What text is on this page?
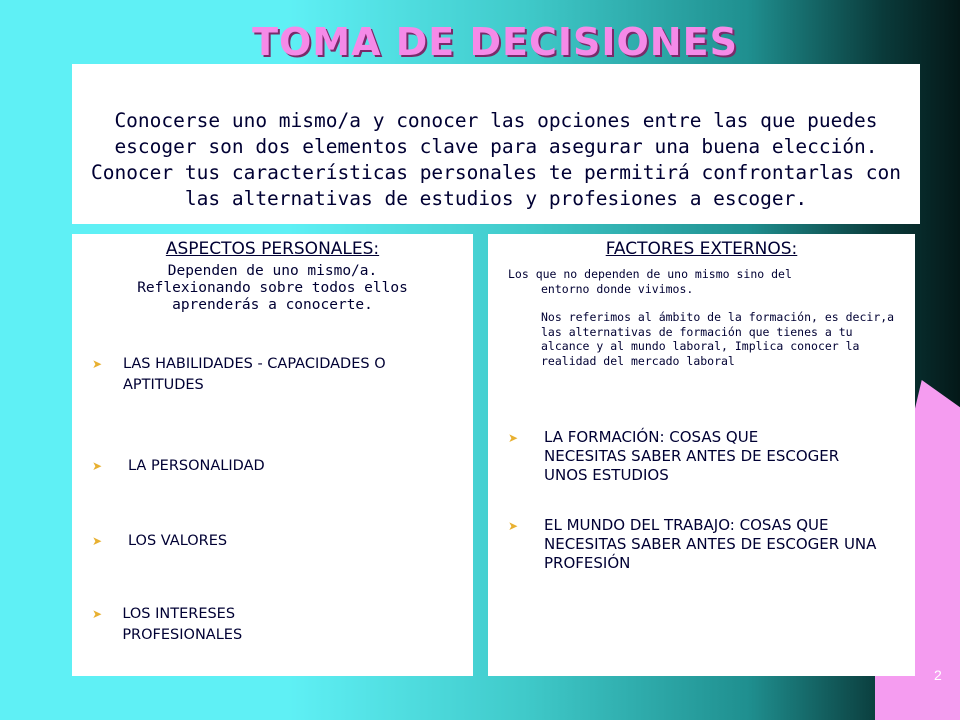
TOMA DE DECISIONES
Conocerse uno mismo/a y conocer las opciones entre las que puedes escoger son dos elementos clave para asegurar una buena elección. Conocer tus características personales te permitirá confrontarlas con las alternativas de estudios y profesiones a escoger.
ASPECTOS PERSONALES:
Dependen de uno mismo/a.
Reflexionando sobre todos ellos aprenderás a conocerte.
➤	LAS HABILIDADES - CAPACIDADES O APTITUDES
➤	LA PERSONALIDAD
➤	LOS VALORES
➤	LOS INTERESES PROFESIONALES
FACTORES EXTERNOS:
Los que no dependen de uno mismo sino del
entorno donde vivimos.
Nos referimos al ámbito de la formación, es decir,a las alternativas de formación que tienes a tu alcance y al mundo laboral, Implica conocer la realidad del mercado laboral
➤	LA FORMACIÓN: COSAS QUE NECESITAS SABER ANTES DE ESCOGER UNOS ESTUDIOS
➤	EL MUNDO DEL TRABAJO: COSAS QUE NECESITAS SABER ANTES DE ESCOGER UNA PROFESIÓN
2
